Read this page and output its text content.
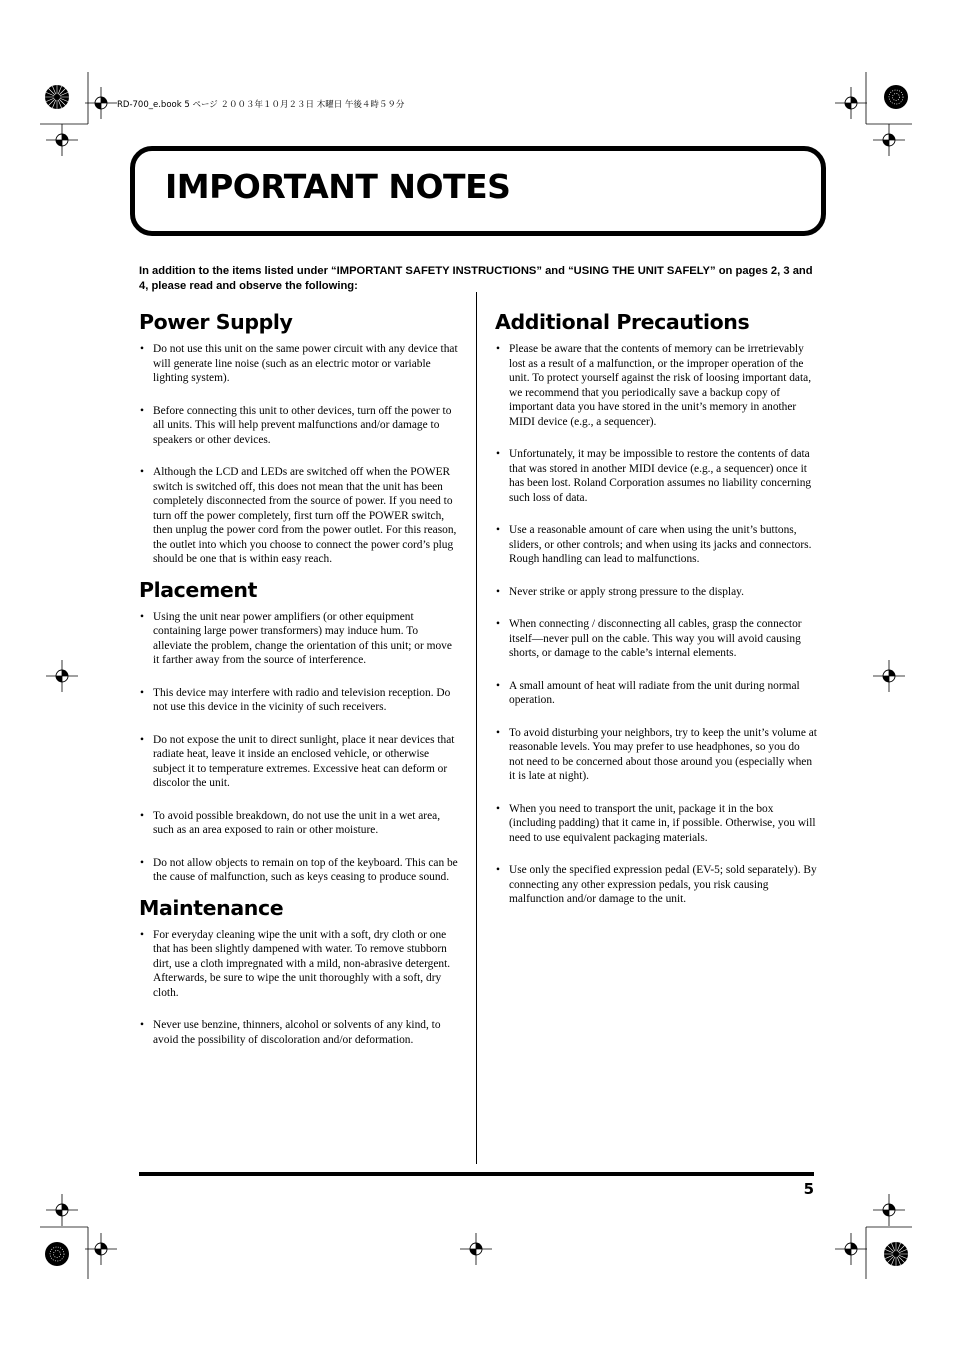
RD-700_e.book 5 ページ ２００３年１０月２３日 木曜日 午後４時５９分
IMPORTANT NOTES
In addition to the items listed under “IMPORTANT SAFETY INSTRUCTIONS” and “USING THE UNIT SAFELY” on pages 2, 3 and 4, please read and observe the following:
Power Supply
• Do not use this unit on the same power circuit with any device that will generate line noise (such as an electric motor or variable lighting system).
• Before connecting this unit to other devices, turn off the power to all units. This will help prevent malfunctions and/or damage to speakers or other devices.
• Although the LCD and LEDs are switched off when the POWER switch is switched off, this does not mean that the unit has been completely disconnected from the source of power. If you need to turn off the power completely, first turn off the POWER switch, then unplug the power cord from the power outlet. For this reason, the outlet into which you choose to connect the power cord’s plug should be one that is within easy reach.
Placement
• Using the unit near power amplifiers (or other equipment containing large power transformers) may induce hum. To alleviate the problem, change the orientation of this unit; or move it farther away from the source of interference.
• This device may interfere with radio and television reception. Do not use this device in the vicinity of such receivers.
• Do not expose the unit to direct sunlight, place it near devices that radiate heat, leave it inside an enclosed vehicle, or otherwise subject it to temperature extremes. Excessive heat can deform or discolor the unit.
• To avoid possible breakdown, do not use the unit in a wet area, such as an area exposed to rain or other moisture.
• Do not allow objects to remain on top of the keyboard. This can be the cause of malfunction, such as keys ceasing to produce sound.
Maintenance
• For everyday cleaning wipe the unit with a soft, dry cloth or one that has been slightly dampened with water. To remove stubborn dirt, use a cloth impregnated with a mild, non-abrasive detergent. Afterwards, be sure to wipe the unit thoroughly with a soft, dry cloth.
• Never use benzine, thinners, alcohol or solvents of any kind, to avoid the possibility of discoloration and/or deformation.
Additional Precautions
• Please be aware that the contents of memory can be irretrievably lost as a result of a malfunction, or the improper operation of the unit. To protect yourself against the risk of loosing important data, we recommend that you periodically save a backup copy of important data you have stored in the unit’s memory in another MIDI device (e.g., a sequencer).
• Unfortunately, it may be impossible to restore the contents of data that was stored in another MIDI device (e.g., a sequencer) once it has been lost. Roland Corporation assumes no liability concerning such loss of data.
• Use a reasonable amount of care when using the unit’s buttons, sliders, or other controls; and when using its jacks and connectors. Rough handling can lead to malfunctions.
• Never strike or apply strong pressure to the display.
• When connecting / disconnecting all cables, grasp the connector itself—never pull on the cable. This way you will avoid causing shorts, or damage to the cable’s internal elements.
• A small amount of heat will radiate from the unit during normal operation.
• To avoid disturbing your neighbors, try to keep the unit’s volume at reasonable levels. You may prefer to use headphones, so you do not need to be concerned about those around you (especially when it is late at night).
• When you need to transport the unit, package it in the box (including padding) that it came in, if possible. Otherwise, you will need to use equivalent packaging materials.
• Use only the specified expression pedal (EV-5; sold separately). By connecting any other expression pedals, you risk causing malfunction and/or damage to the unit.
5
